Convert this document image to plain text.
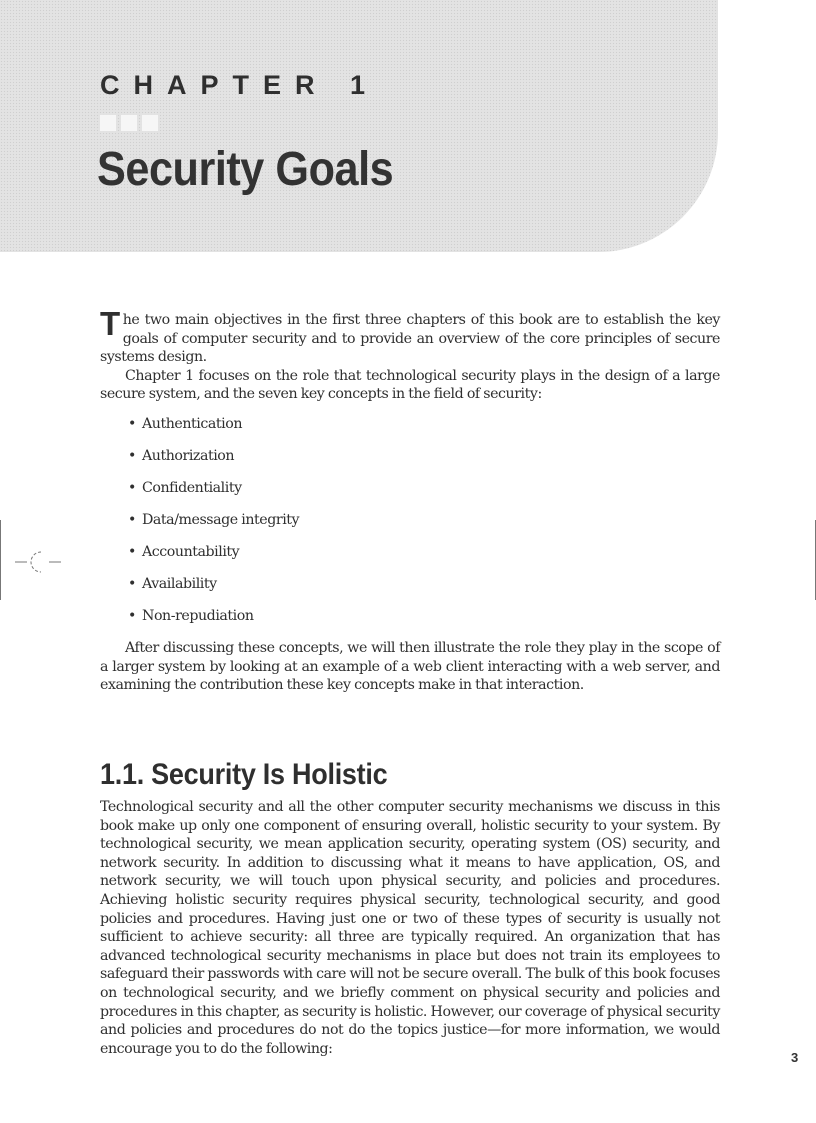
CHAPTER 1
Security Goals

The two main objectives in the first three chapters of this book are to establish the key goals of computer security and to provide an overview of the core principles of secure systems design.

Chapter 1 focuses on the role that technological security plays in the design of a large secure system, and the seven key concepts in the field of security:

• Authentication
• Authorization
• Confidentiality
• Data/message integrity
• Accountability
• Availability
• Non-repudiation

After discussing these concepts, we will then illustrate the role they play in the scope of a larger system by looking at an example of a web client interacting with a web server, and examining the contribution these key concepts make in that interaction.

1.1. Security Is Holistic

Technological security and all the other computer security mechanisms we discuss in this book make up only one component of ensuring overall, holistic security to your system. By technological security, we mean application security, operating system (OS) security, and network security. In addition to discussing what it means to have application, OS, and network security, we will touch upon physical security, and policies and procedures. Achieving holistic security requires physical security, technological security, and good policies and procedures. Having just one or two of these types of security is usually not sufficient to achieve security: all three are typically required. An organization that has advanced technological security mechanisms in place but does not train its employees to safeguard their passwords with care will not be secure overall. The bulk of this book focuses on technological security, and we briefly comment on physical security and policies and procedures in this chapter, as security is holistic. However, our coverage of physical security and policies and procedures do not do the topics justice—for more information, we would encourage you to do the following:

3
